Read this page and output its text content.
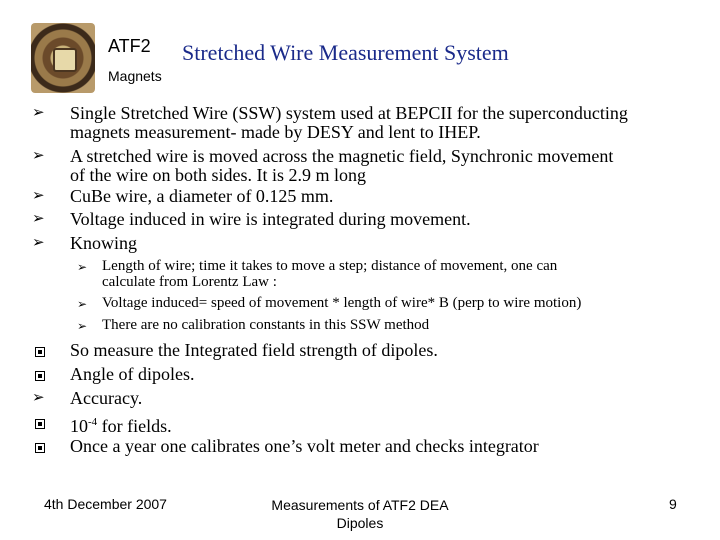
ATF2
Magnets
Stretched Wire Measurement System
➢ Single Stretched Wire (SSW) system used at BEPCII for the superconducting
magnets measurement- made by DESY and lent to IHEP.
➢ A stretched wire is moved across the magnetic field, Synchronic movement
of the wire on both sides. It is 2.9 m long
➢ CuBe wire, a diameter of 0.125 mm.
➢ Voltage induced in wire is integrated during movement.
➢ Knowing
➢ Length of wire; time it takes to move a step; distance of movement, one can
calculate from Lorentz Law :
➢ Voltage induced= speed of movement * length of wire* B (perp to wire motion)
➢ There are no calibration constants in this SSW method
So measure the Integrated field strength of dipoles.
Angle of dipoles.
➢ Accuracy.
$10^{-4}$ for fields.
Once a year one calibrates one’s volt meter and checks integrator
4th December 2007	Measurements of ATF2 DEA
Dipoles
9
